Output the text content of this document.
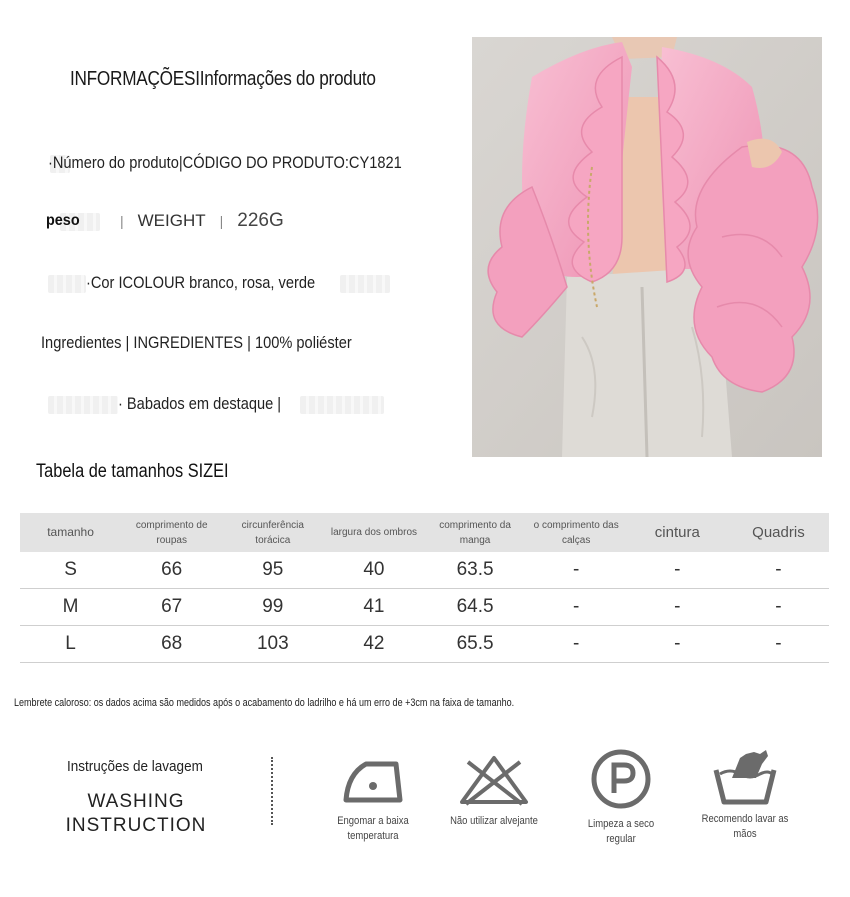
INFORMAÇÕESIInformações do produto
·Número do produto|CÓDIGO DO PRODUTO:CY1821
peso	| WEIGHT | 226G
·Cor ICOLOUR branco, rosa, verde
Ingredientes | INGREDIENTES | 100% poliéster
· Babados em destaque |
Tabela de tamanhos SIZEI
tamanho	comprimento de roupas	circunferência torácica	largura dos ombros	comprimento da manga	o comprimento das calças	cintura	Quadris
S	66	95	40	63.5	-	-	-
M	67	99	41	64.5	-	-	-
L	68	103	42	65.5	-	-	-
Lembrete caloroso: os dados acima são medidos após o acabamento do ladrilho e há um erro de +3cm na faixa de tamanho.
Instruções de lavagem
WASHING
INSTRUCTION	Engomar a baixa temperatura
Não utilizar alvejante	Limpeza a seco regular
Recomendo lavar as mãos
